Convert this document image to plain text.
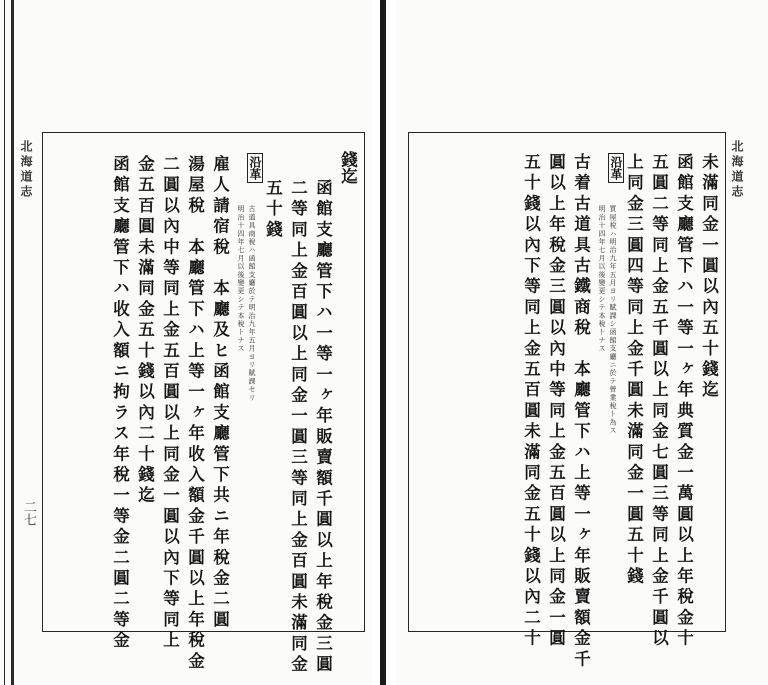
北海道志
二七
錢迄
函館支廳管下ハ一等一ヶ年販賣額千圓以上年稅金三圓
二等同上金百圓以上同金一圓三等同上金百圓未滿同金
五十錢
沿革
古道具商稅ハ函館支廳於テ明治九年五月ヨリ賦課セリ
明治十四年七月以後變更シテ本稅トナス
雇人請宿稅　本廳及ヒ函館支廳管下共ニ年稅金二圓
湯屋稅　本廳管下ハ上等一ヶ年收入額金千圓以上年稅金
二圓以內中等同上金五百圓以上同金一圓以內下等同上
金五百圓未滿同金五十錢以內二十錢迄
函館支廳管下ハ收入額ニ拘ラス年稅一等金二圓二等金	北海道志
未滿同金一圓以內五十錢迄
函館支廳管下ハ一等一ヶ年典質金一萬圓以上年稅金十
五圓二等同上金五千圓以上同金七圓三等同上金千圓以
上同金三圓四等同上金千圓未滿同金一圓五十錢
沿革
質屋稅ハ明治九年五月ヨリ賦課シ函館支廳ニ於テ營業稅ト為ス
明治十四年七月以後變更シテ本稅トナス
古着古道具古鐵商稅　本廳管下ハ上等一ヶ年販賣額金千
圓以上年稅金三圓以內中等同上金五百圓以上同金一圓
五十錢以內下等同上金五百圓未滿同金五十錢以內二十
